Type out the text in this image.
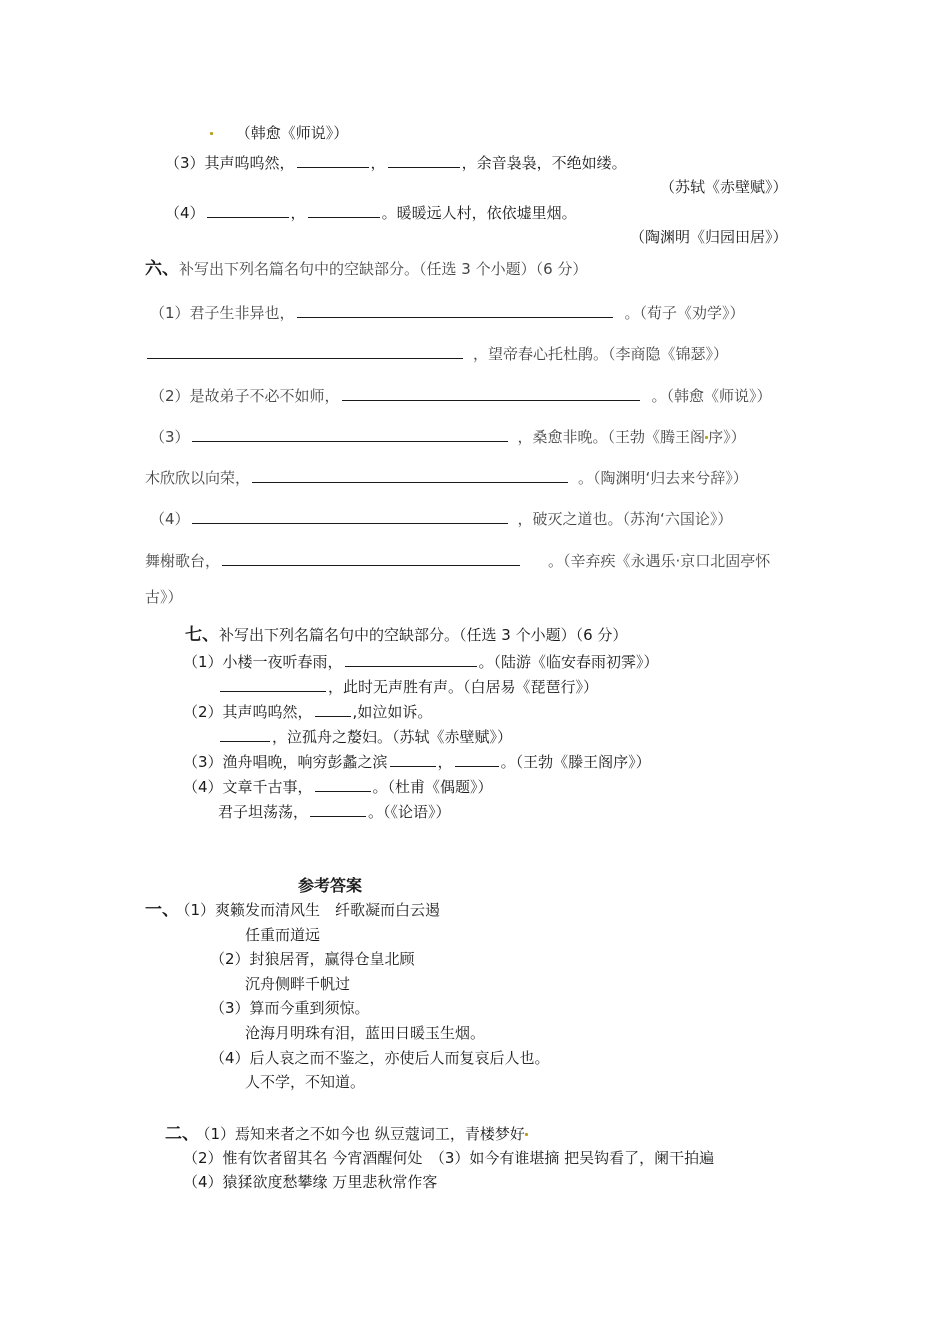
（韩愈《师说》）
（3）其声呜呜然，	，	，余音袅袅，不绝如缕。
（苏轼《赤壁赋》）
（4）	，	。暖暖远人村，依依墟里烟。
（陶渊明《归园田居》）
六、补写出下列名篇名句中的空缺部分。（任选 3 个小题）（6 分）
（1）君子生非异也，	。（荀子《劝学》）
，望帝春心托杜鹃。（李商隐《锦瑟》）
（2）是故弟子不必不如师，	。（韩愈《师说》）
（3）	，桑愈非晚。（王勃《腾王阁 序》）
木欣欣以向荣，	。（陶渊明‘归去来兮辞》）
（4）	，破灭之道也。（苏洵‘六国论》）
舞榭歌台，	。（辛弃疾《永遇乐·京口北固亭怀
古》）
七、补写出下列名篇名句中的空缺部分。（任选 3 个小题）（6 分）
（1）小楼一夜听春雨，	。（陆游《临安春雨初霁》）
，此时无声胜有声。（白居易《琵琶行》）
（2）其声呜呜然，	,如泣如诉。
，泣孤舟之嫠妇。（苏轼《赤壁赋》）
（3）渔舟唱晚，响穷彭蠡之滨	，	。（王勃《滕王阁序》）
（4）文章千古事，	。（杜甫《偶题》）
君子坦荡荡，	。（《论语》）
参考答案
一、 （1）爽籁发而清风生　纤歌凝而白云遏
任重而道远
（2）封狼居胥，赢得仓皇北顾
沉舟侧畔千帆过
（3）算而今重到须惊。
沧海月明珠有泪，蓝田日暖玉生烟。
（4）后人哀之而不鉴之，亦使后人而复哀后人也。
人不学，不知道。
二、 （1）焉知来者之不如今也 纵豆蔻词工，青楼梦好
（2）惟有饮者留其名 今宵酒醒何处　（3）如今有谁堪摘 把吴钩看了，阑干拍遍
（4）猿猱欲度愁攀缘 万里悲秋常作客
